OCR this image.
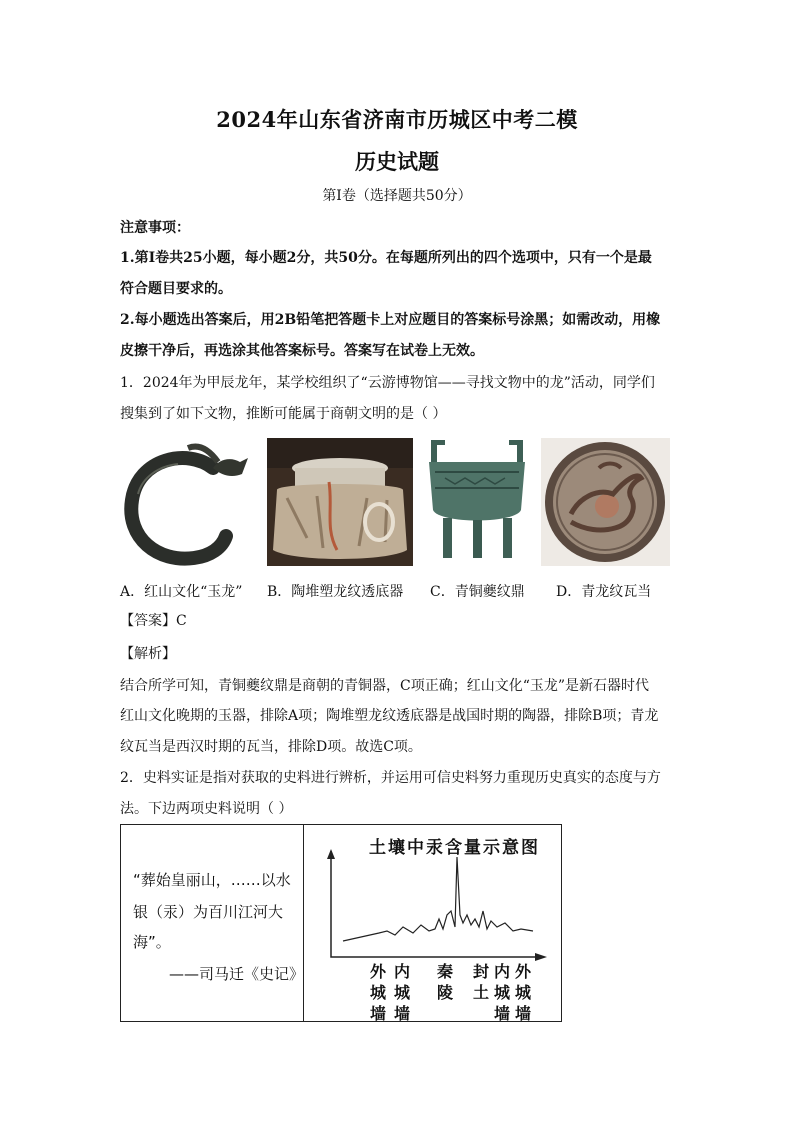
2024年山东省济南市历城区中考二模
历史试题
第Ⅰ卷（选择题共50分）
注意事项：
1.第Ⅰ卷共25小题，每小题2分，共50分。在每题所列出的四个选项中，只有一个是最
符合题目要求的。
2.每小题选出答案后，用2B铅笔把答题卡上对应题目的答案标号涂黑；如需改动，用橡
皮擦干净后，再选涂其他答案标号。答案写在试卷上无效。
1．2024年为甲辰龙年，某学校组织了“云游博物馆——寻找文物中的龙”活动，同学们
搜集到了如下文物，推断可能属于商朝文明的是（ ）
A．红山文化“玉龙” B．陶堆塑龙纹透底器 C．青铜夔纹鼎 D．青龙纹瓦当
【答案】C
【解析】
结合所学可知，青铜夔纹鼎是商朝的青铜器，C项正确；红山文化“玉龙”是新石器时代
红山文化晚期的玉器，排除A项；陶堆塑龙纹透底器是战国时期的陶器，排除B项；青龙
纹瓦当是西汉时期的瓦当，排除D项。故选C项。
2．史料实证是指对获取的史料进行辨析，并运用可信史料努力重现历史真实的态度与方
法。下边两项史料说明（ ）
“葬始皇丽山，……以水
银（汞）为百川江河大
海”。
——司马迁《史记》
土壤中汞含量示意图
外
城
墙
内
城
墙
秦
陵
封
土
内
城
墙
外
城
墙
